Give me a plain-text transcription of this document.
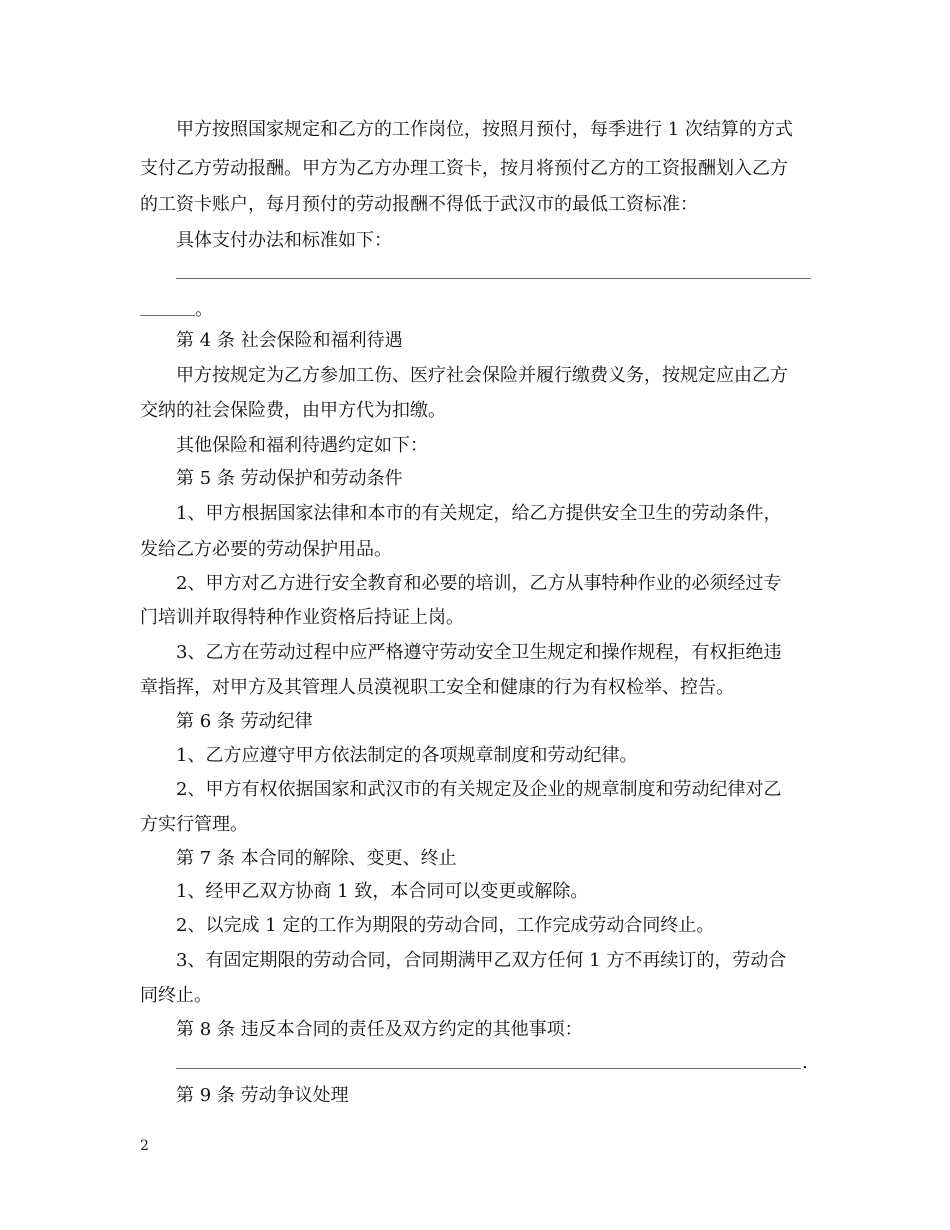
甲方按照国家规定和乙方的工作岗位，按照月预付，每季进行 1 次结算的方式
支付乙方劳动报酬。甲方为乙方办理工资卡，按月将预付乙方的工资报酬划入乙方
的工资卡账户，每月预付的劳动报酬不得低于武汉市的最低工资标准：
具体支付办法和标准如下：
。
第 4 条 社会保险和福利待遇
甲方按规定为乙方参加工伤、医疗社会保险并履行缴费义务，按规定应由乙方
交纳的社会保险费，由甲方代为扣缴。
其他保险和福利待遇约定如下：
第 5 条 劳动保护和劳动条件
1、甲方根据国家法律和本市的有关规定，给乙方提供安全卫生的劳动条件，
发给乙方必要的劳动保护用品。
2、甲方对乙方进行安全教育和必要的培训，乙方从事特种作业的必须经过专
门培训并取得特种作业资格后持证上岗。
3、乙方在劳动过程中应严格遵守劳动安全卫生规定和操作规程，有权拒绝违
章指挥，对甲方及其管理人员漠视职工安全和健康的行为有权检举、控告。
第 6 条 劳动纪律
1、乙方应遵守甲方依法制定的各项规章制度和劳动纪律。
2、甲方有权依据国家和武汉市的有关规定及企业的规章制度和劳动纪律对乙
方实行管理。
第 7 条 本合同的解除、变更、终止
1、经甲乙双方协商 1 致，本合同可以变更或解除。
2、以完成 1 定的工作为期限的劳动合同，工作完成劳动合同终止。
3、有固定期限的劳动合同，合同期满甲乙双方任何 1 方不再续订的，劳动合
同终止。
第 8 条 违反本合同的责任及双方约定的其他事项：
.
第 9 条 劳动争议处理
2
